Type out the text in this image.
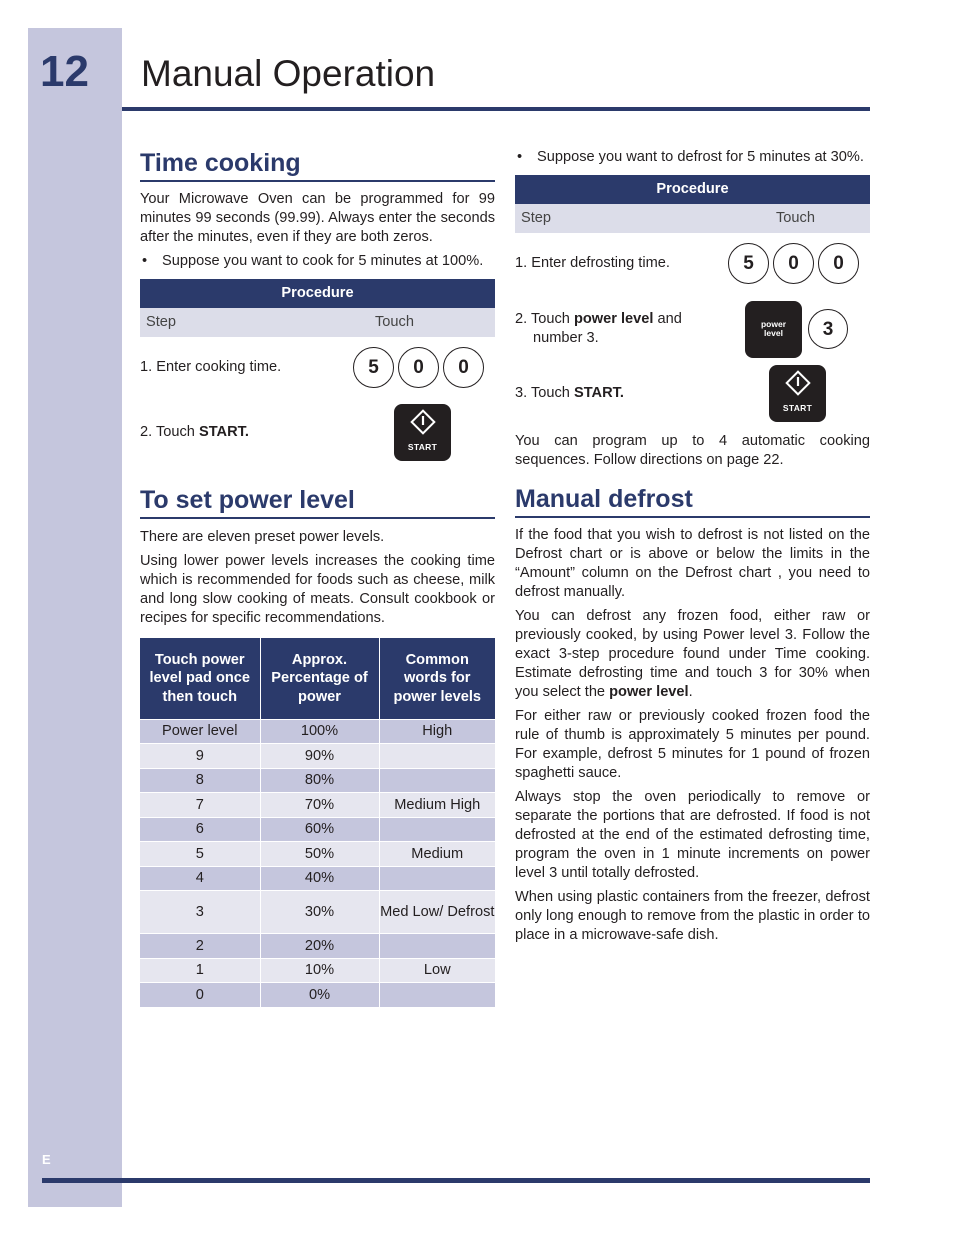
12 Manual Operation
Time cooking

Your Microwave Oven can be programmed for 99 minutes 99 seconds (99.99). Always enter the seconds after the minutes, even if they are both zeros.

•	Suppose you want to cook for 5 minutes at 100%.
Procedure
Step	Touch
1. Enter cooking time.	5	0	0
2. Touch START.
START
To set power level

There are eleven preset power levels.

Using lower power levels increases the cooking time which is recommended for foods such as cheese, milk and long slow cooking of meats. Consult cookbook or recipes for specific recommendations.

Touch power level pad once then touch	Approx. Percentage of power	Common words for power levels
Power level	100%	High
9	90%	
8	80%	
7	70%	Medium High
6	60%	
5	50%	Medium
4	40%	
3	30%	Med Low/ Defrost
2	20%	
1	10%	Low
0	0%	
•	Suppose you want to defrost for 5 minutes at 30%.
Procedure
Step	Touch
1. Enter defrosting time.	5	0	0
2. Touch power level and
number 3.
power
level	3
3. Touch START.
START

You can program up to 4 automatic cooking sequences. Follow directions on page 22.

Manual defrost

If the food that you wish to defrost is not listed on the Defrost chart or is above or below the limits in the “Amount” column on the Defrost chart , you need to defrost manually.

You can defrost any frozen food, either raw or previously cooked, by using Power level 3. Follow the exact 3-step procedure found under Time cooking. Estimate defrosting time and touch 3 for 30% when you select the power level.

For either raw or previously cooked frozen food the rule of thumb is approximately 5 minutes per pound. For example, defrost 5 minutes for 1 pound of frozen spaghetti sauce.

Always stop the oven periodically to remove or separate the portions that are defrosted. If food is not defrosted at the end of the estimated defrosting time, program the oven in 1 minute increments on power level 3 until totally defrosted.

When using plastic containers from the freezer, defrost only long enough to remove from the plastic in order to place in a microwave-safe dish.

E
